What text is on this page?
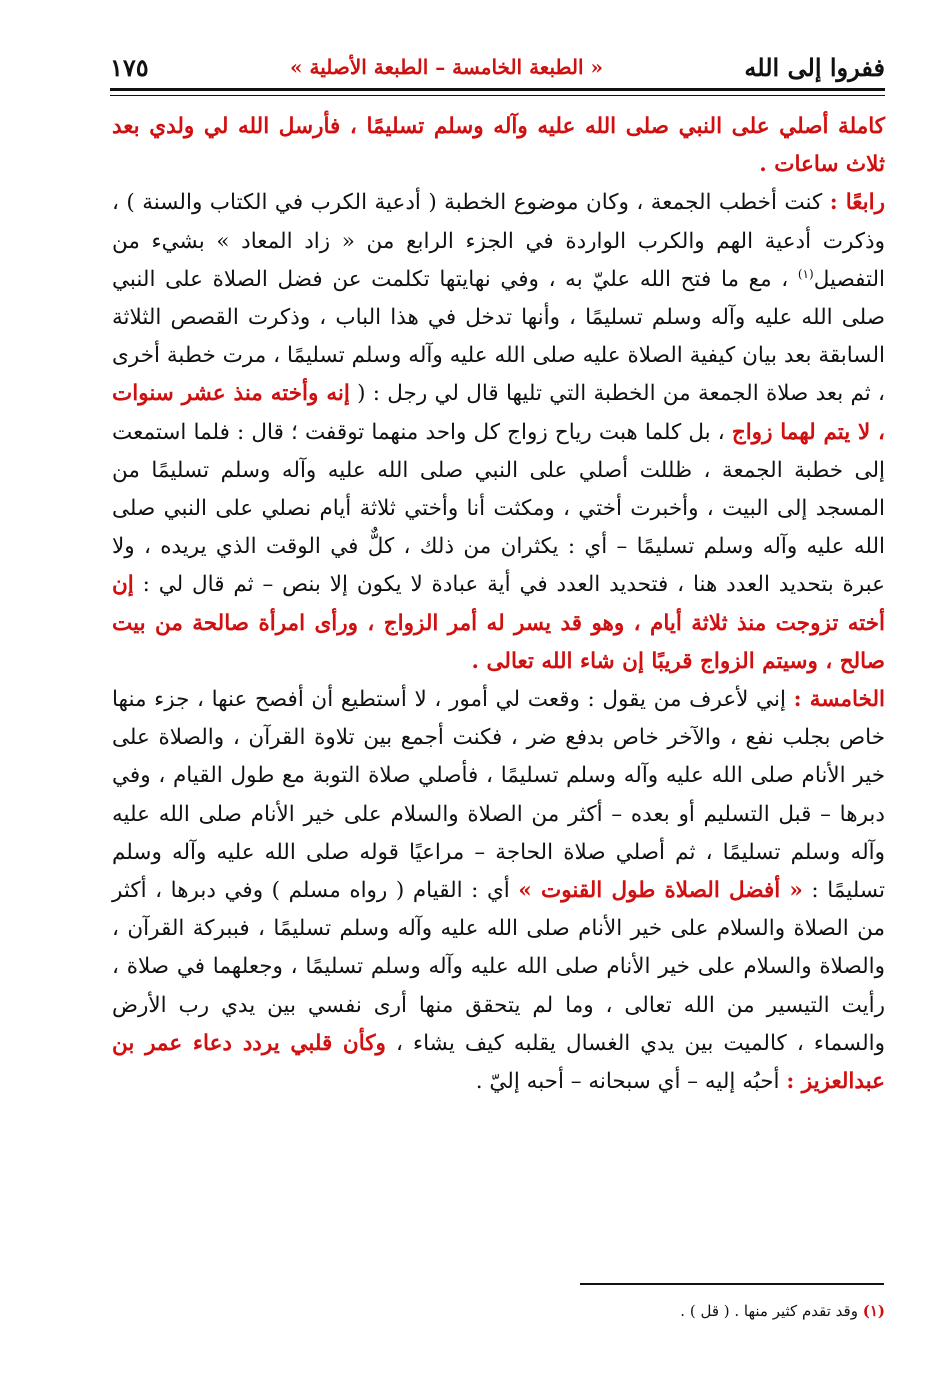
ففروا إلى الله
« الطبعة الخامسة – الطبعة الأصلية »
١٧٥

كاملة أصلي على النبي صلى الله عليه وآله وسلم تسليمًا ، فأرسل الله لي ولدي بعد ثلاث ساعات .

رابعًا : كنت أخطب الجمعة ، وكان موضوع الخطبة ( أدعية الكرب في الكتاب والسنة ) ، وذكرت أدعية الهم والكرب الواردة في الجزء الرابع من « زاد المعاد » بشيء من التفصيل$^{(١)}$ ، مع ما فتح الله عليّ به ، وفي نهايتها تكلمت عن فضل الصلاة على النبي صلى الله عليه وآله وسلم تسليمًا ، وأنها تدخل في هذا الباب ، وذكرت القصص الثلاثة السابقة بعد بيان كيفية الصلاة عليه صلى الله عليه وآله وسلم تسليمًا ، مرت خطبة أخرى ، ثم بعد صلاة الجمعة من الخطبة التي تليها قال لي رجل : ( إنه وأخته منذ عشر سنوات ، لا يتم لهما زواج ، بل كلما هبت رياح زواج كل واحد منهما توقفت ؛ قال : فلما استمعت إلى خطبة الجمعة ، ظللت أصلي على النبي صلى الله عليه وآله وسلم تسليمًا من المسجد إلى البيت ، وأخبرت أختي ، ومكثت أنا وأختي ثلاثة أيام نصلي على النبي صلى الله عليه وآله وسلم تسليمًا – أي : يكثران من ذلك ، كلٌّ في الوقت الذي يريده ، ولا عبرة بتحديد العدد هنا ، فتحديد العدد في أية عبادة لا يكون إلا بنص – ثم قال لي : إن أخته تزوجت منذ ثلاثة أيام ، وهو قد يسر له أمر الزواج ، ورأى امرأة صالحة من بيت صالح ، وسيتم الزواج قريبًا إن شاء الله تعالى .

الخامسة : إني لأعرف من يقول : وقعت لي أمور ، لا أستطيع أن أفصح عنها ، جزء منها خاص بجلب نفع ، والآخر خاص بدفع ضر ، فكنت أجمع بين تلاوة القرآن ، والصلاة على خير الأنام صلى الله عليه وآله وسلم تسليمًا ، فأصلي صلاة التوبة مع طول القيام ، وفي دبرها – قبل التسليم أو بعده – أكثر من الصلاة والسلام على خير الأنام صلى الله عليه وآله وسلم تسليمًا ، ثم أصلي صلاة الحاجة – مراعيًا قوله صلى الله عليه وآله وسلم تسليمًا : « أفضل الصلاة طول القنوت » أي : القيام ( رواه مسلم ) وفي دبرها ، أكثر من الصلاة والسلام على خير الأنام صلى الله عليه وآله وسلم تسليمًا ، فببركة القرآن ، والصلاة والسلام على خير الأنام صلى الله عليه وآله وسلم تسليمًا ، وجعلهما في صلاة ، رأيت التيسير من الله تعالى ، وما لم يتحقق منها أرى نفسي بين يدي رب الأرض والسماء ، كالميت بين يدي الغسال يقلبه كيف يشاء ، وكأن قلبي يردد دعاء عمر بن عبدالعزيز : أحبُه إليه – أي سبحانه – أحبه إليّ .

(١) وقد تقدم كثير منها . ( قل ) .
